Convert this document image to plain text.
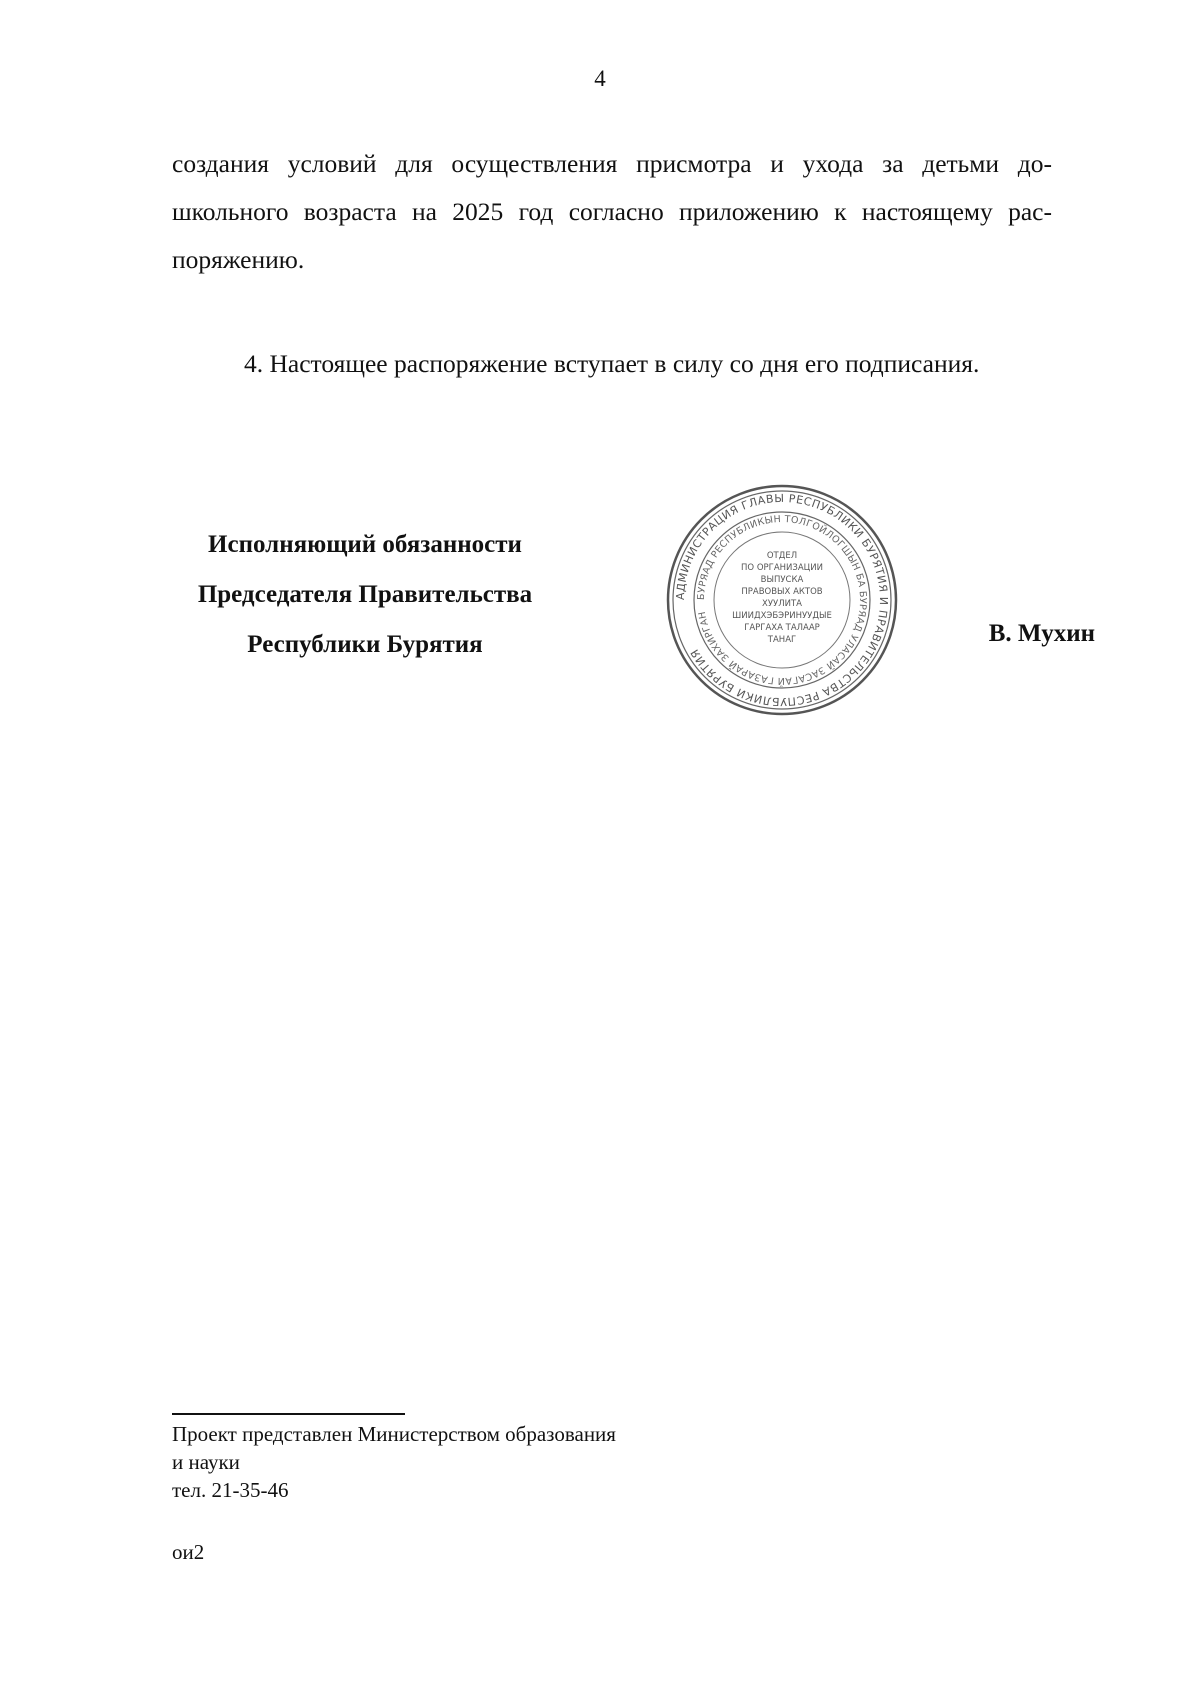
4
создания условий для осуществления присмотра и ухода за детьми до-
школьного возраста на 2025 год согласно приложению к настоящему рас-
поряжению.
4. Настоящее распоряжение вступает в силу со дня его подписания.
Исполняющий обязанности
Председателя Правительства
Республики Бурятия
АДМИНИСТРАЦИЯ ГЛАВЫ РЕСПУБЛИКИ БУРЯТИЯ И ПРАВИТЕЛЬСТВА РЕСПУБЛИКИ БУРЯТИЯ
БУРЯАД РЕСПУБЛИКЫН ТОЛГОЙЛОГШЫН БА БУРЯАД УЛАСАЙ ЗАСАГАЙ ГАЗАРАЙ ЗАХИРГАН
ОТДЕЛ
ПО ОРГАНИЗАЦИИ
ВЫПУСКА
ПРАВОВЫХ АКТОВ
ХУУЛИТА
ШИИДХЭБЭРИНУУДЫЕ
ГАРГАХА ТАЛААР
ТАНАГ	В. Мухин
Проект представлен Министерством образования
и науки
тел. 21-35-46
ои2
